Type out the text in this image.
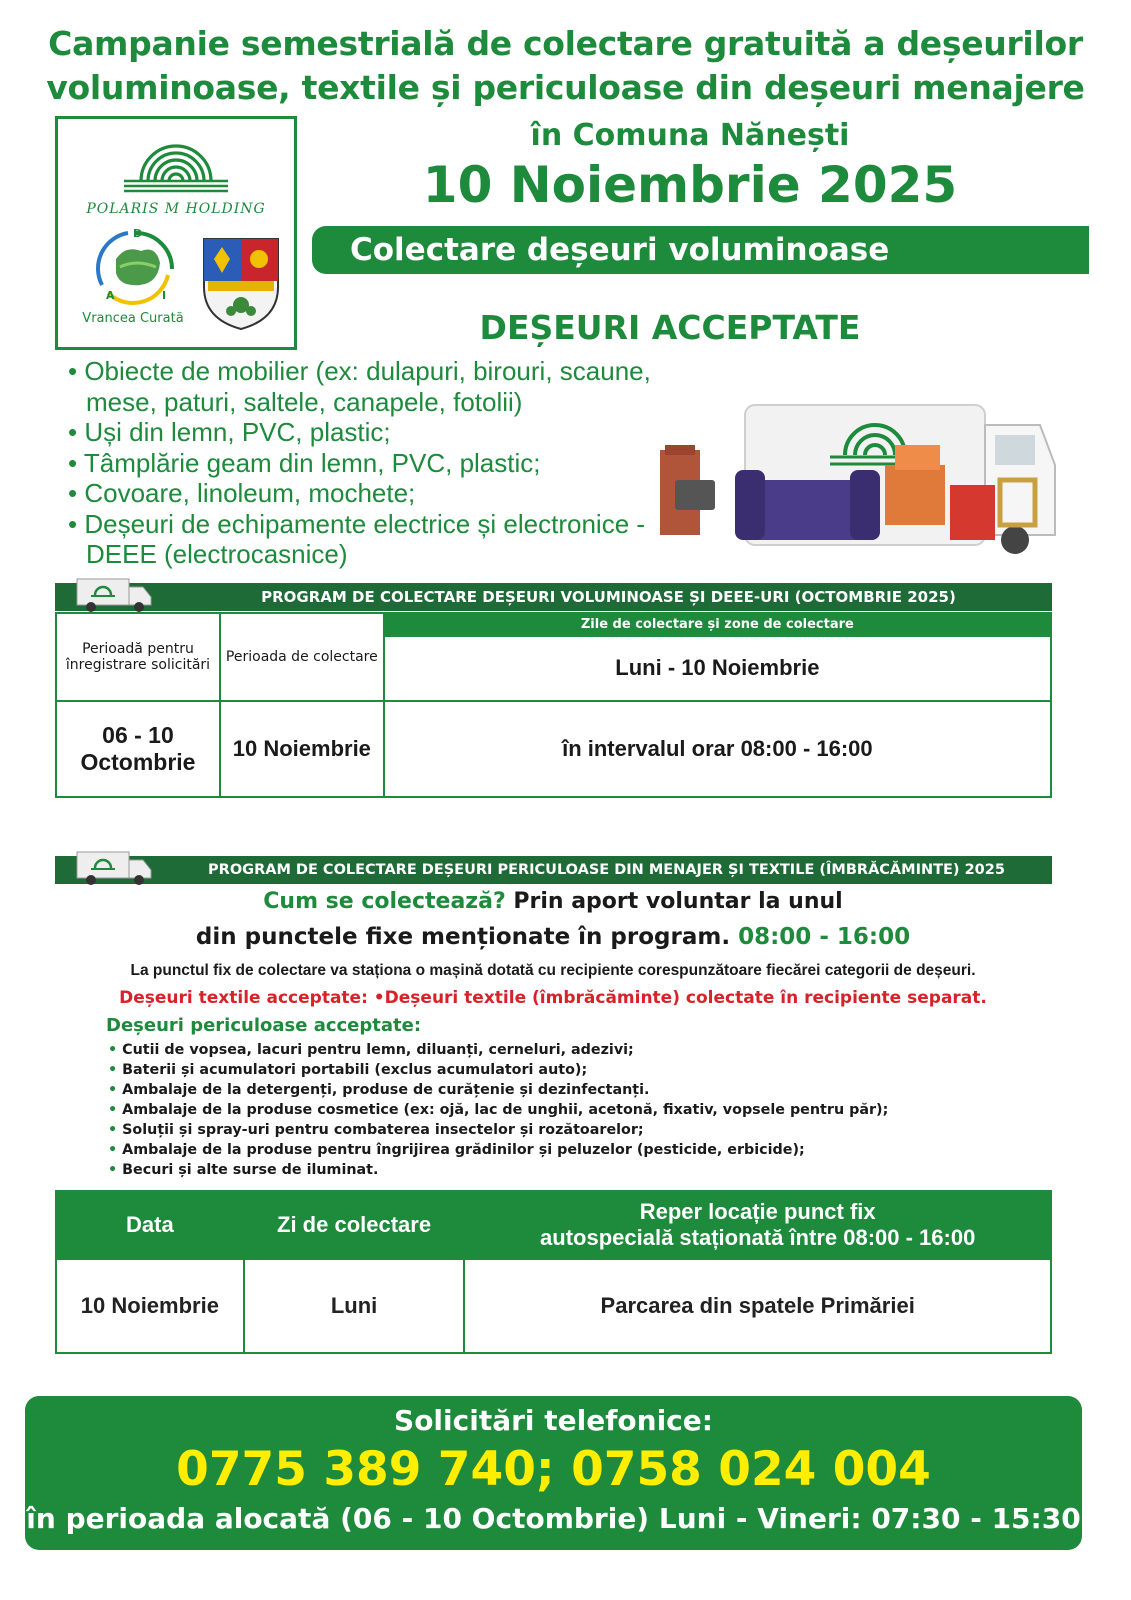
Campanie semestrială de colectare gratuită a deșeurilor
voluminoase, textile și periculoase din deșeuri menajere
POLARIS M HOLDING
D
A	I
Vrancea Curată
în Comuna Nănești
10 Noiembrie 2025
Colectare deșeuri voluminoase
DEȘEURI ACCEPTATE
• Obiecte de mobilier (ex: dulapuri, birouri, scaune, mese, paturi, saltele, canapele, fotolii)
• Uși din lemn, PVC, plastic;
• Tâmplărie geam din lemn, PVC, plastic;
• Covoare, linoleum, mochete;
• Deșeuri de echipamente electrice și electronice - DEEE (electrocasnice)
PROGRAM DE COLECTARE DEȘEURI VOLUMINOASE ȘI DEEE-URI (OCTOMBRIE 2025)
Perioadă pentru înregistrare solicitări	Perioada de colectare	Zile de colectare și zone de colectare
		Luni - 10 Noiembrie
06 - 10 Octombrie	10 Noiembrie	în intervalul orar 08:00 - 16:00
PROGRAM DE COLECTARE DEȘEURI PERICULOASE DIN MENAJER ȘI TEXTILE (ÎMBRĂCĂMINTE) 2025
Cum se colectează? Prin aport voluntar la unul
din punctele fixe menționate în program. 08:00 - 16:00
La punctul fix de colectare va staționa o mașină dotată cu recipiente corespunzătoare fiecărei categorii de deșeuri.
Deșeuri textile acceptate: •Deșeuri textile (îmbrăcăminte) colectate în recipiente separat.
Deșeuri periculoase acceptate:
• Cutii de vopsea, lacuri pentru lemn, diluanți, cerneluri, adezivi;
• Baterii și acumulatori portabili (exclus acumulatori auto);
• Ambalaje de la detergenți, produse de curățenie și dezinfectanți.
• Ambalaje de la produse cosmetice (ex: ojă, lac de unghii, acetonă, fixativ, vopsele pentru păr);
• Soluții și spray-uri pentru combaterea insectelor și rozătoarelor;
• Ambalaje de la produse pentru îngrijirea grădinilor și peluzelor (pesticide, erbicide);
• Becuri și alte surse de iluminat.
Data	Zi de colectare	Reper locație punct fix
autospecială staționată între 08:00 - 16:00

10 Noiembrie	Luni	Parcarea din spatele Primăriei
Solicitări telefonice:
0775 389 740; 0758 024 004
în perioada alocată (06 - 10 Octombrie) Luni - Vineri: 07:30 - 15:30
